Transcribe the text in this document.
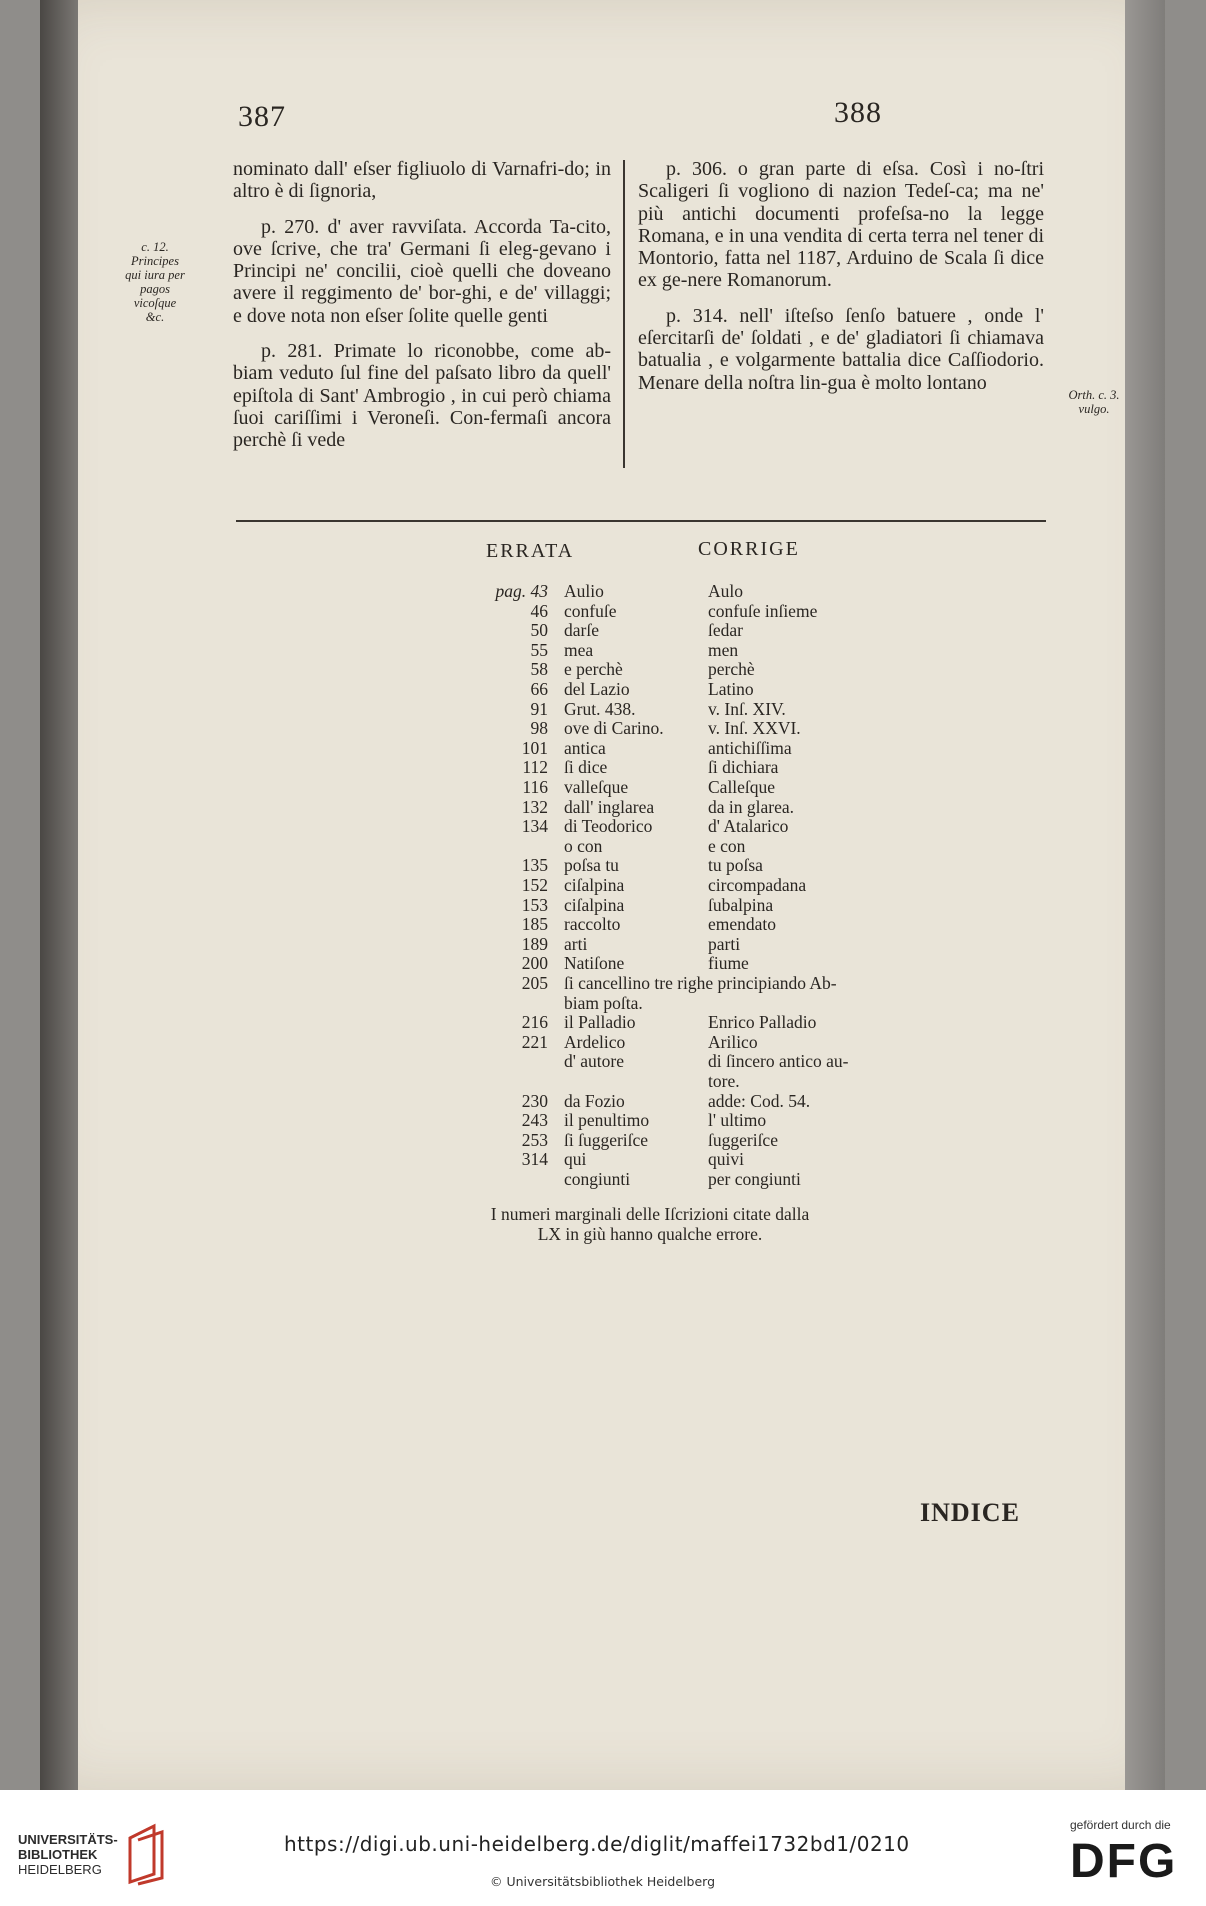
387	388
c. 12. Principes qui iura per pagos vicoſque &c.
Orth. c. 3. vulgo.

nominato dall' eſser figliuolo di Varnafri-do; in altro è di ſignoria,

p. 270. d' aver ravviſata. Accorda Ta-cito, ove ſcrive, che tra' Germani ſi eleg-gevano i Principi ne' concilii, cioè quelli che doveano avere il reggimento de' bor-ghi, e de' villaggi; e dove nota non eſser ſolite quelle genti

p. 281. Primate lo riconobbe, come ab-biam veduto ſul fine del paſsato libro da quell' epiſtola di Sant' Ambrogio , in cui però chiama ſuoi cariſſimi i Veroneſi. Con-fermaſi ancora perchè ſi vede

p. 306. o gran parte di eſsa. Così i no-ſtri Scaligeri ſi vogliono di nazion Tedeſ-ca; ma ne' più antichi documenti profeſsa-no la legge Romana, e in una vendita di certa terra nel tener di Montorio, fatta nel 1187, Arduino de Scala ſi dice ex ge-nere Romanorum.

p. 314. nell' iſteſso ſenſo batuere , onde l' eſercitarſi de' ſoldati , e de' gladiatori ſi chiamava batualia , e volgarmente battalia dice Caſſiodorio. Menare della noſtra lin-gua è molto lontano

ERRATA	CORRIGE
pag. 43 Aulio	Aulo
46 confuſe	confuſe inſieme
50 darſe	ſedar
55 mea	men
58 e perchè	perchè
66 del Lazio	Latino
91 Grut. 438.	v. Inſ. XIV.
98 ove di Carino.	v. Inſ. XXVI.
101 antica	antichiſſima
112 ſi dice	ſi dichiara
116 valleſque	Calleſque
132 dall' inglarea	da in glarea.
134 di Teodorico	d' Atalarico
o con	e con
135 poſsa tu	tu poſsa
152 ciſalpina	circompadana
153 ciſalpina	ſubalpina
185 raccolto	emendato
189 arti	parti
200 Natiſone	fiume
205 ſi cancellino tre righe principiando Ab-
biam poſta.
216 il Palladio	Enrico Palladio
221 Ardelico	Arilico
d' autore	di ſincero antico au-
tore.
230 da Fozio	adde: Cod. 54.
243 il penultimo	l' ultimo
253 ſi ſuggeriſce	ſuggeriſce
314 qui	quivi
congiunti	per congiunti
I numeri marginali delle Iſcrizioni citate dalla
LX in giù hanno qualche errore.
INDICE
UNIVERSITÄTS-
BIBLIOTHEK
HEIDELBERG
https://digi.ub.uni-heidelberg.de/diglit/maffei1732bd1/0210
© Universitätsbibliothek Heidelberg
gefördert durch die
DFG
